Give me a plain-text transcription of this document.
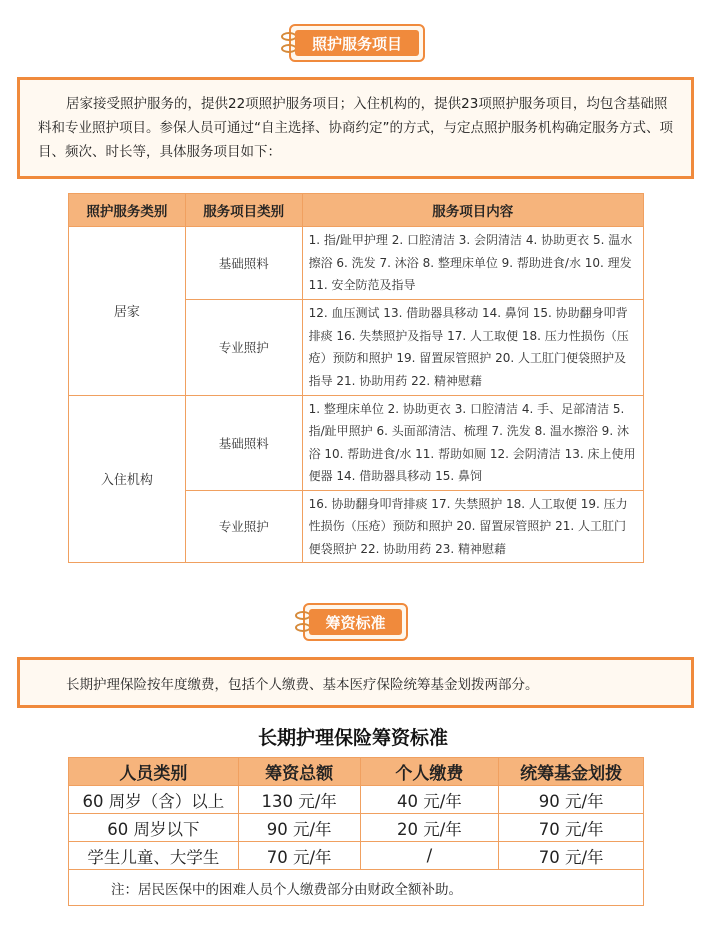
照护服务项目
居家接受照护服务的，提供22项照护服务项目；入住机构的，提供23项照护服务项目，均包含基础照料和专业照护项目。参保人员可通过“自主选择、协商约定”的方式，与定点照护服务机构确定服务方式、项目、频次、时长等，具体服务项目如下：
照护服务类别	服务项目类别	服务项目内容
居家	基础照料	1. 指/趾甲护理 2. 口腔清洁 3. 会阴清洁 4. 协助更衣 5. 温水擦浴 6. 洗发 7. 沐浴 8. 整理床单位 9. 帮助进食/水 10. 理发 11. 安全防范及指导
	专业照护	12. 血压测试 13. 借助器具移动 14. 鼻饲 15. 协助翻身叩背排痰 16. 失禁照护及指导 17. 人工取便 18. 压力性损伤（压疮）预防和照护 19. 留置尿管照护 20. 人工肛门便袋照护及指导 21. 协助用药 22. 精神慰藉
入住机构	基础照料	1. 整理床单位 2. 协助更衣 3. 口腔清洁 4. 手、足部清洁 5. 指/趾甲照护 6. 头面部清洁、梳理 7. 洗发 8. 温水擦浴 9. 沐浴 10. 帮助进食/水 11. 帮助如厕 12. 会阴清洁 13. 床上使用便器 14. 借助器具移动 15. 鼻饲
	专业照护	16. 协助翻身叩背排痰 17. 失禁照护 18. 人工取便 19. 压力性损伤（压疮）预防和照护 20. 留置尿管照护 21. 人工肛门便袋照护 22. 协助用药 23. 精神慰藉
筹资标准
长期护理保险按年度缴费，包括个人缴费、基本医疗保险统筹基金划拨两部分。
长期护理保险筹资标准
人员类别	筹资总额	个人缴费	统筹基金划拨
60 周岁（含）以上	130 元/年	40 元/年	90 元/年
60 周岁以下	90 元/年	20 元/年	70 元/年
学生儿童、大学生	70 元/年	/	70 元/年
注：居民医保中的困难人员个人缴费部分由财政全额补助。			
